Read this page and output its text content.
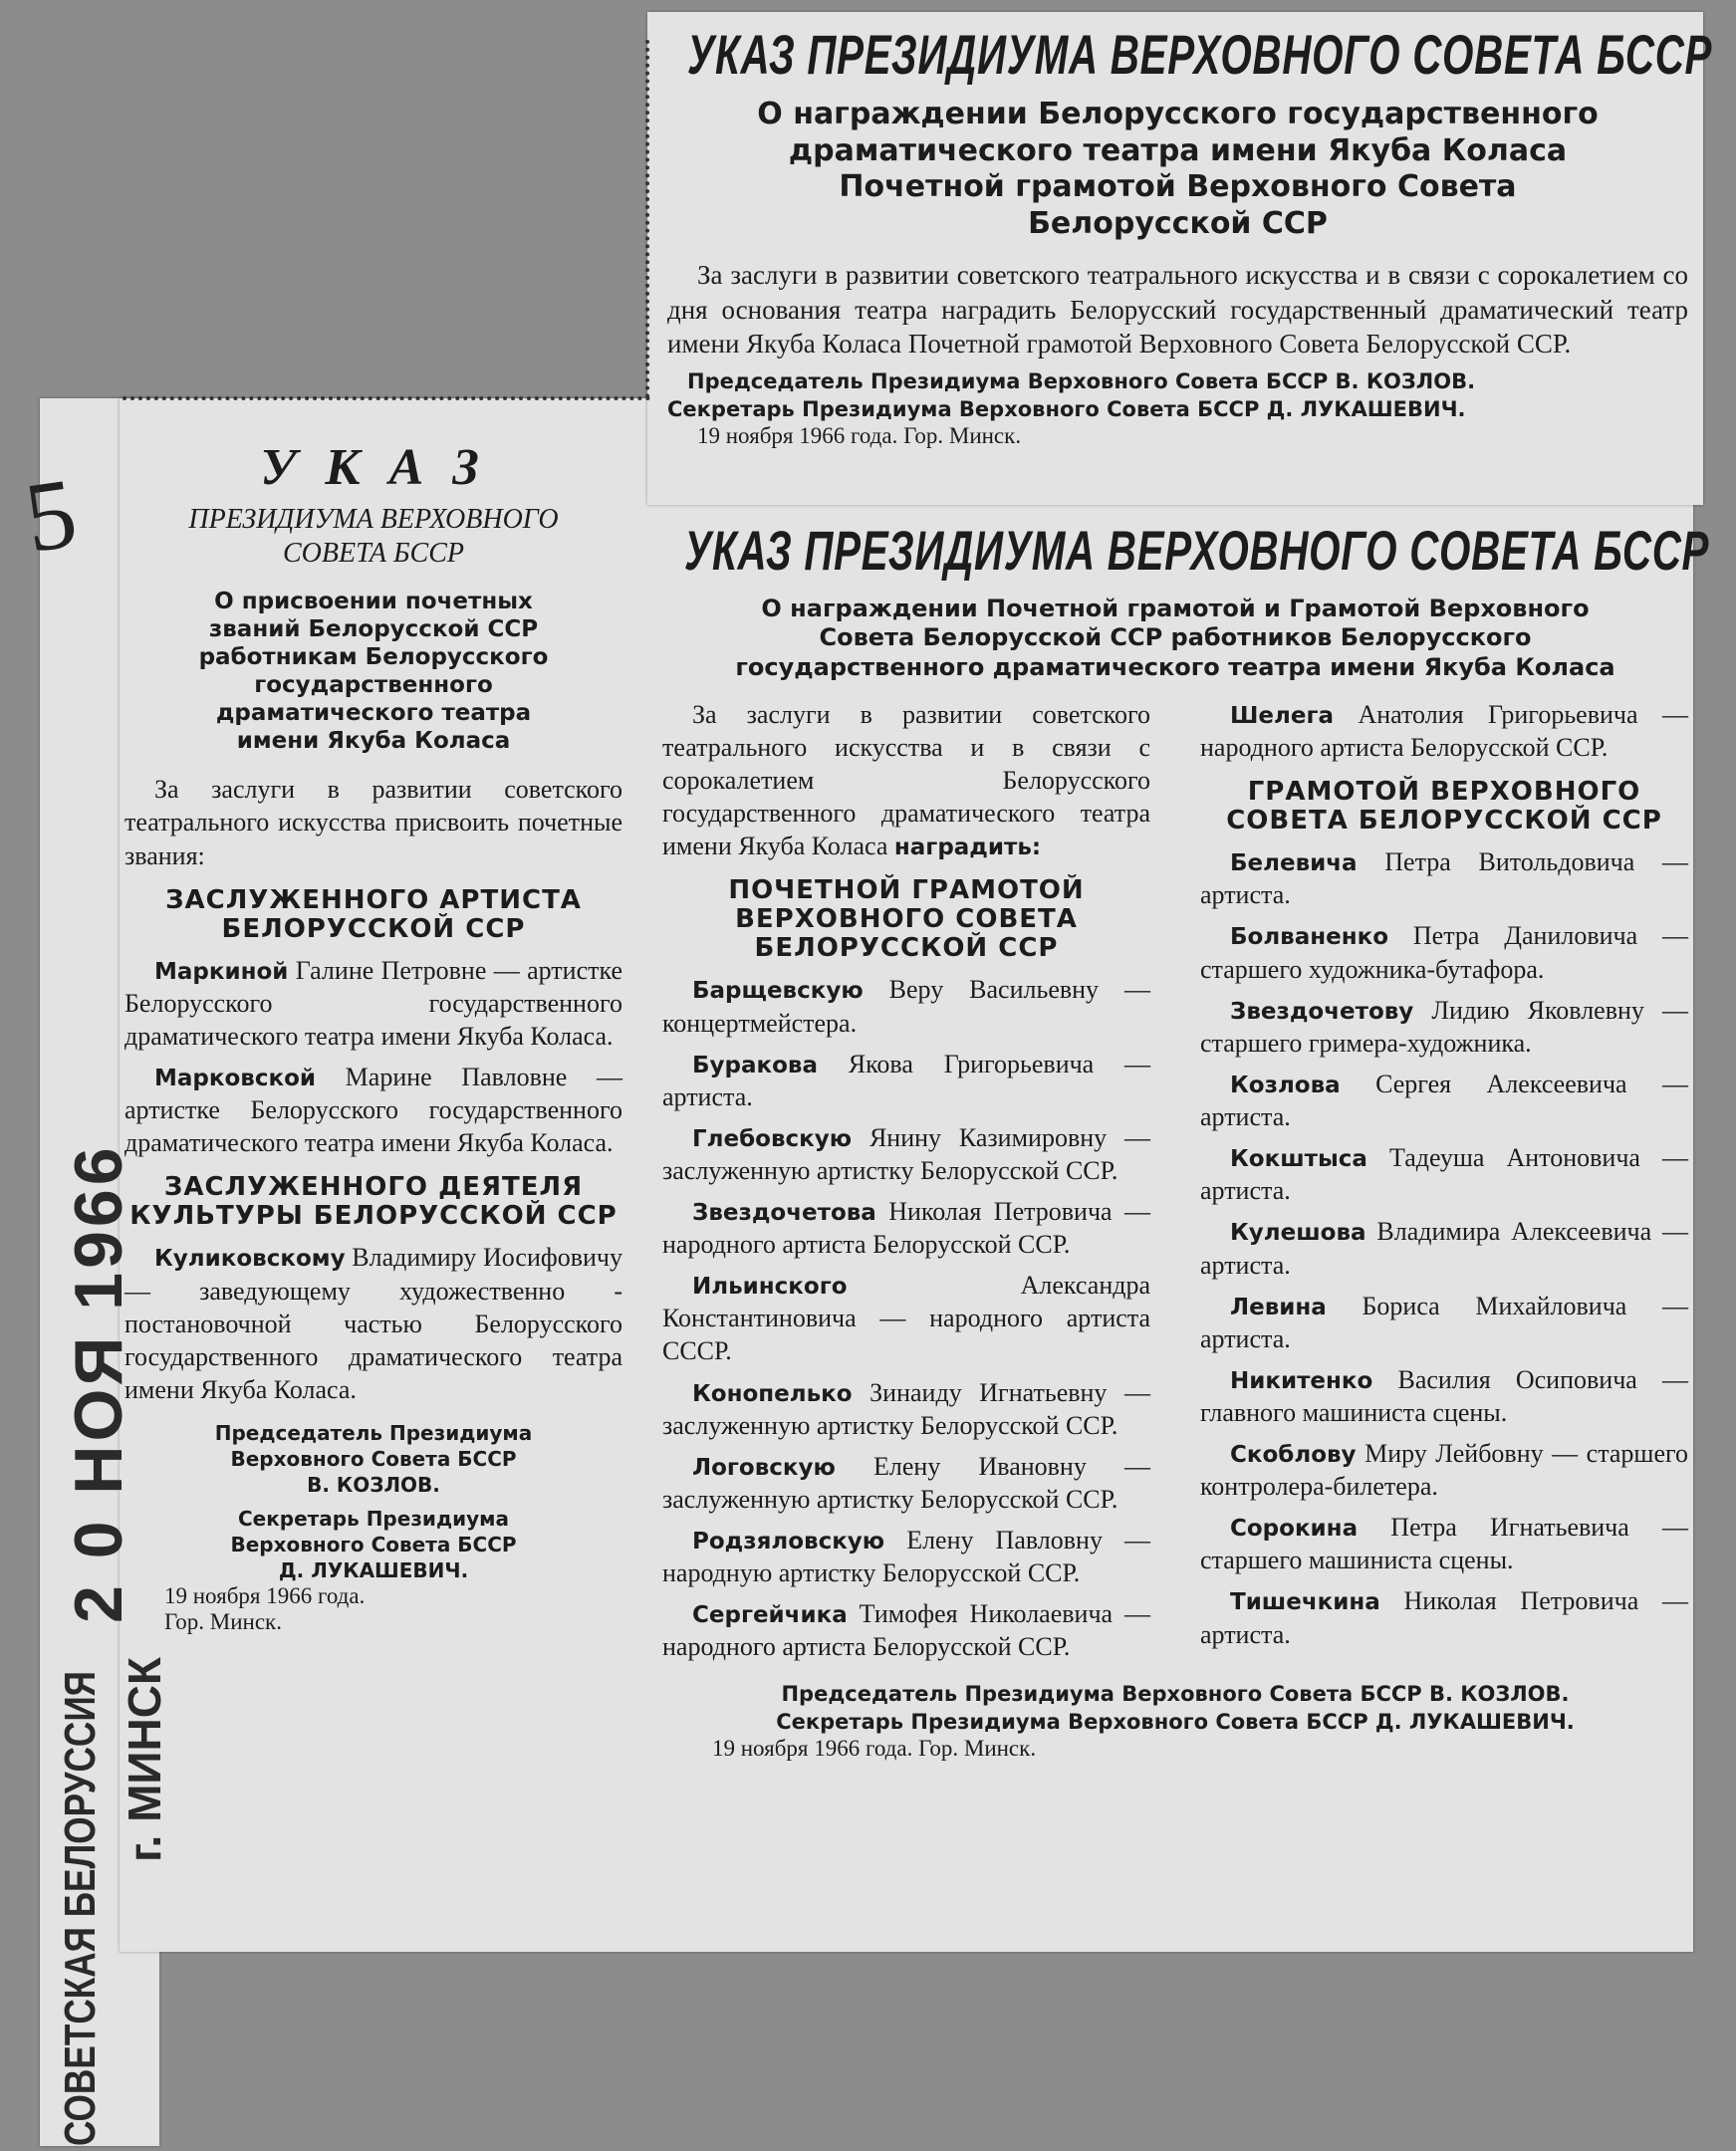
5
2 0 НОЯ 1966
СОВЕТСКАЯ БЕЛОРУССИЯ г. МИНСК
УКАЗ ПРЕЗИДИУМА ВЕРХОВНОГО СОВЕТА БССР
О награждении Белорусского государственного
драматического театра имени Якуба Коласа
Почетной грамотой Верховного Совета
Белорусской ССР

За заслуги в развитии советского театрального искусства и в связи с сорокалетием со дня основания театра наградить Белорусский государственный драматический театр имени Якуба Коласа Почетной грамотой Верховного Совета Белорусской ССР.

Председатель Президиума Верховного Совета БССР В. КОЗЛОВ.
Секретарь Президиума Верховного Совета БССР Д. ЛУКАШЕВИЧ.
19 ноября 1966 года. Гор. Минск.
У К А З
ПРЕЗИДИУМА ВЕРХОВНОГО
СОВЕТА БССР
О присвоении почетных
званий Белорусской ССР
работникам Белорусского
государственного
драматического театра
имени Якуба Коласа

За заслуги в развитии советского театрального искусства присвоить почетные звания:

ЗАСЛУЖЕННОГО АРТИСТА БЕЛОРУССКОЙ ССР

Маркиной Галине Петровне — артистке Белорусского государственного драматического театра имени Якуба Коласа.

Марковской Марине Павловне — артистке Белорусского государственного драматического театра имени Якуба Коласа.

ЗАСЛУЖЕННОГО ДЕЯТЕЛЯ КУЛЬТУРЫ БЕЛОРУССКОЙ ССР

Куликовскому Владимиру Иосифовичу — заведующему художественно - постановочной частью Белорусского государственного драматического театра имени Якуба Коласа.

Председатель Президиума
Верховного Совета БССР
В. КОЗЛОВ.
Секретарь Президиума
Верховного Совета БССР
Д. ЛУКАШЕВИЧ.
19 ноября 1966 года.
Гор. Минск.
УКАЗ ПРЕЗИДИУМА ВЕРХОВНОГО СОВЕТА БССР
О награждении Почетной грамотой и Грамотой Верховного
Совета Белорусской ССР работников Белорусского
государственного драматического театра имени Якуба Коласа

За заслуги в развитии советского театрального искусства и в связи с сорокалетием Белорусского государственного драматического театра имени Якуба Коласа наградить:

ПОЧЕТНОЙ ГРАМОТОЙ ВЕРХОВНОГО СОВЕТА БЕЛОРУССКОЙ ССР

Барщевскую Веру Васильевну — концертмейстера.

Буракова Якова Григорьевича — артиста.

Глебовскую Янину Казимировну — заслуженную артистку Белорусской ССР.

Звездочетова Николая Петровича — народного артиста Белорусской ССР.

Ильинского Александра Константиновича — народного артиста СССР.

Конопелько Зинаиду Игнатьевну — заслуженную артистку Белорусской ССР.

Логовскую Елену Ивановну — заслуженную артистку Белорусской ССР.

Родзяловскую Елену Павловну — народную артистку Белорусской ССР.

Сергейчика Тимофея Николаевича — народного артиста Белорусской ССР.

Шелега Анатолия Григорьевича — народного артиста Белорусской ССР.

ГРАМОТОЙ ВЕРХОВНОГО СОВЕТА БЕЛОРУССКОЙ ССР

Белевича Петра Витольдовича — артиста.

Болваненко Петра Даниловича — старшего художника-бутафора.

Звездочетову Лидию Яковлевну — старшего гримера-художника.

Козлова Сергея Алексеевича — артиста.

Кокштыса Тадеуша Антоновича — артиста.

Кулешова Владимира Алексеевича — артиста.

Левина Бориса Михайловича — артиста.

Никитенко Василия Осиповича — главного машиниста сцены.

Скоблову Миру Лейбовну — старшего контролера-билетера.

Сорокина Петра Игнатьевича — старшего машиниста сцены.

Тишечкина Николая Петровича — артиста.

Председатель Президиума Верховного Совета БССР В. КОЗЛОВ.
Секретарь Президиума Верховного Совета БССР Д. ЛУКАШЕВИЧ.
19 ноября 1966 года. Гор. Минск.
